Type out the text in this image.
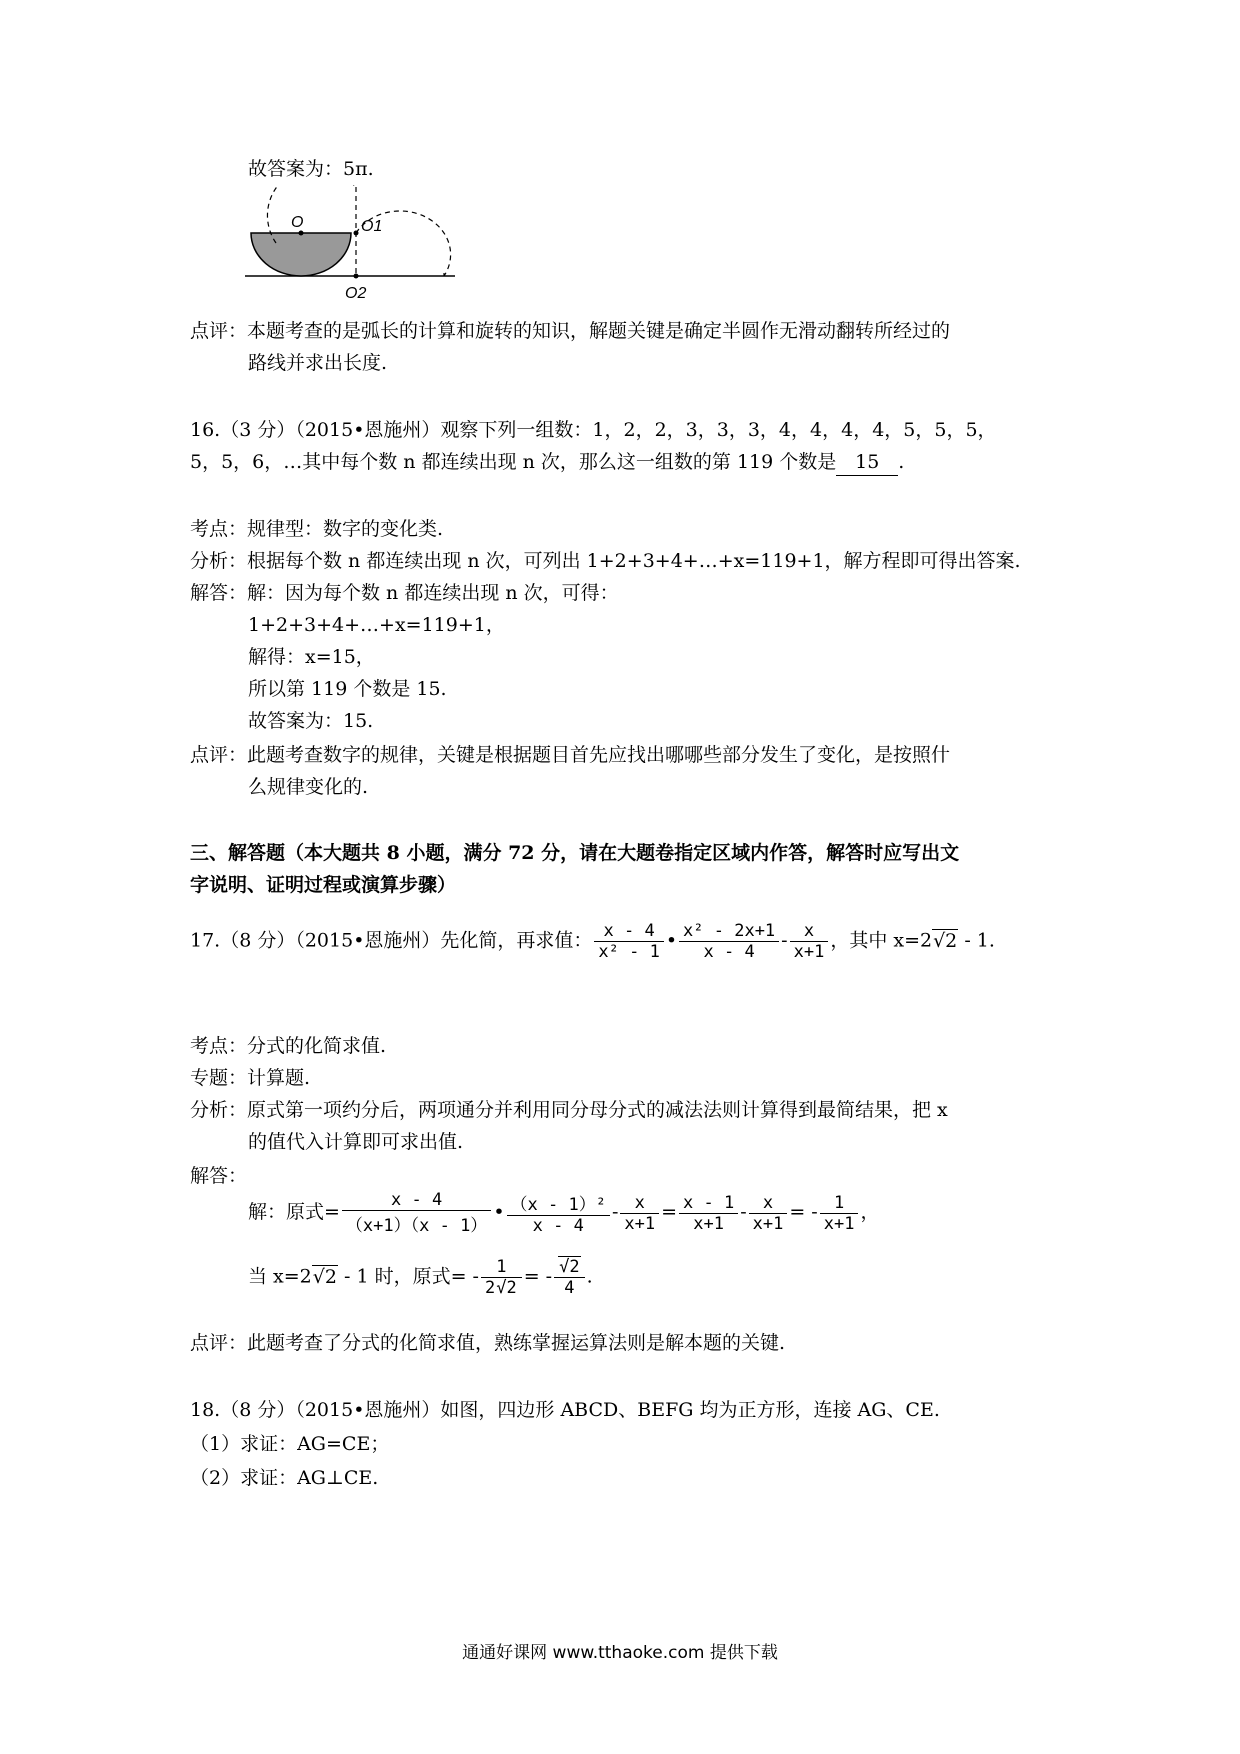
故答案为：5π.
O	O1
O2
点评：本题考查的是弧长的计算和旋转的知识，解题关键是确定半圆作无滑动翻转所经过的
路线并求出长度.
16.（3 分）（2015•恩施州）观察下列一组数：1，2，2，3，3，3，4，4，4，4，5，5，5，
5，5，6，…其中每个数 n 都连续出现 n 次，那么这一组数的第 119 个数是 15 .
考点：规律型：数字的变化类.
分析：根据每个数 n 都连续出现 n 次，可列出 1+2+3+4+…+x=119+1，解方程即可得出答案.
解答：解：因为每个数 n 都连续出现 n 次，可得：
1+2+3+4+…+x=119+1，
解得：x=15，
所以第 119 个数是 15.
故答案为：15.
点评：此题考查数字的规律，关键是根据题目首先应找出哪哪些部分发生了变化，是按照什
么规律变化的.
三、解答题（本大题共 8 小题，满分 72 分，请在大题卷指定区域内作答，解答时应写出文
字说明、证明过程或演算步骤）
17.（8 分）（2015•恩施州）先化简，再求值： $\frac{x - 4}{\text{x² - 1}}$ • $\frac{\text{x² - 2x+1}}{x - 4} - \frac{x}{x+1}$ ，其中 x=2√2 - 1.
考点：分式的化简求值.
专题：计算题.
分析：原式第一项约分后，两项通分并利用同分母分式的减法法则计算得到最简结果，把 x
的值代入计算即可求出值.
解答：
解：原式= $\frac{x - 4}{(x+1)(x - 1)}$ • $\frac{\text{（x - 1）²}}{x - 4} - \frac{x}{x+1} = \frac{x - 1}{x+1} - \frac{x}{x+1}$ = - $\frac{1}{x+1}$ ，
当 x=2√2 - 1 时，原式= - $\frac{1}{2√2}$ = - $\frac{√2}{4}$ .
点评：此题考查了分式的化简求值，熟练掌握运算法则是解本题的关键.
18.（8 分）（2015•恩施州）如图，四边形 ABCD、BEFG 均为正方形，连接 AG、CE.
（1）求证：AG=CE；
（2）求证：AG⊥CE.
通通好课网 www.tthaoke.com 提供下载
